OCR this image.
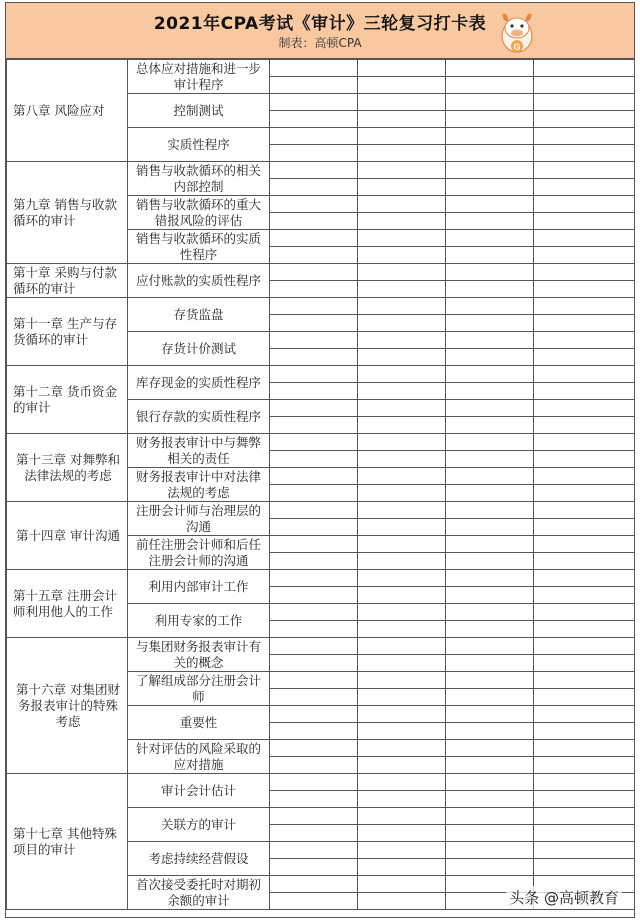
2021年CPA考试《审计》三轮复习打卡表
制表：高顿CPA	G
第八章 风险应对	总体应对措施和进一步审计程序				

	控制测试				

	实质性程序				

第九章 销售与收款循环的审计	销售与收款循环的相关内部控制				

	销售与收款循环的重大错报风险的评估				

	销售与收款循环的实质性程序				

第十章 采购与付款循环的审计	应付账款的实质性程序				

第十一章 生产与存货循环的审计	存货监盘				

	存货计价测试				

第十二章 货币资金的审计	库存现金的实质性程序				

	银行存款的实质性程序				

第十三章 对舞弊和法律法规的考虑	财务报表审计中与舞弊相关的责任				

	财务报表审计中对法律法规的考虑				

第十四章 审计沟通	注册会计师与治理层的沟通				

	前任注册会计师和后任注册会计师的沟通				

第十五章 注册会计师利用他人的工作	利用内部审计工作				

	利用专家的工作				

第十六章 对集团财务报表审计的特殊考虑	与集团财务报表审计有关的概念				

	了解组成部分注册会计师				

	重要性				

	针对评估的风险采取的应对措施				

第十七章 其他特殊项目的审计	审计会计估计				

	关联方的审计				

	考虑持续经营假设				

	首次接受委托时对期初余额的审计				
				头条 @高顿教育
